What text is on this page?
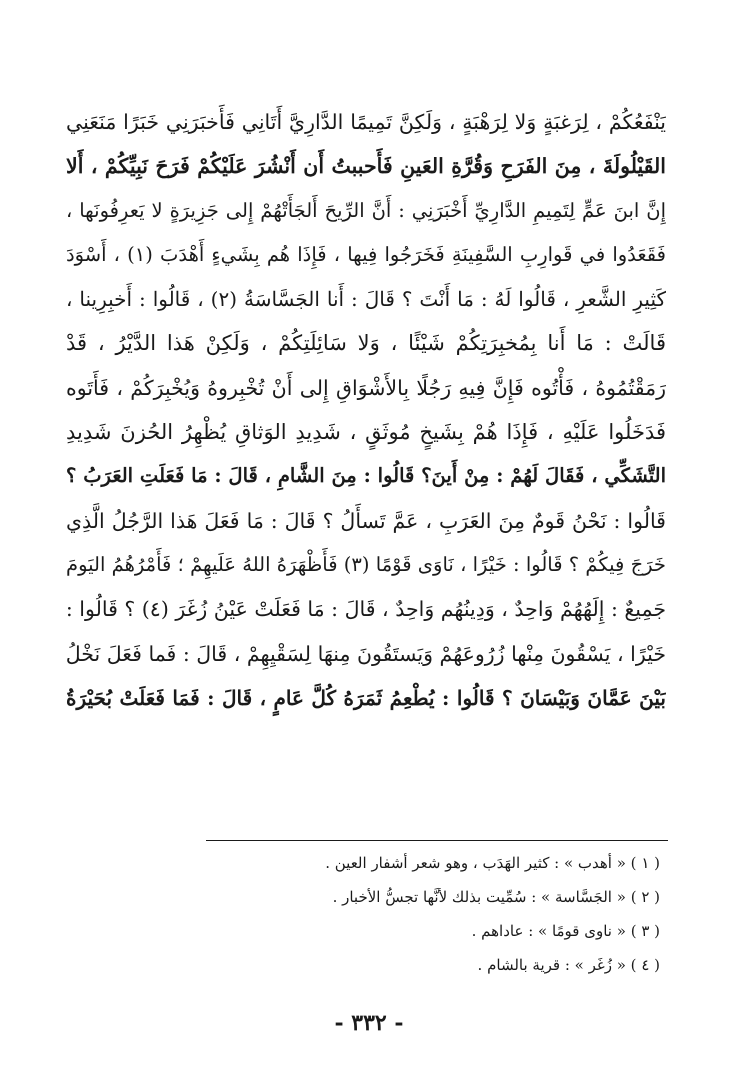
يَنْفَعُكُمْ ، لِرَغبَةٍ وَلا لِرَهْبَةٍ ، وَلَكِنَّ تَمِيمًا الدَّارِيَّ أَتَانِي فَأَخبَرَنِي خَبَرًا مَنَعَنِي
القَيْلُولَةَ ، مِنَ الفَرَحِ وَقُرَّةِ العَينِ فَأَحببتُ أَن أَنْشُرَ عَلَيْكُمْ فَرَحَ نَبِيِّكُمْ ، أَلا
إِنَّ ابنَ عَمٍّ لِتَمِيمِ الدَّارِيِّ أَخْبَرَنِي : أَنَّ الرِّيحَ أَلجَأَتْهُمْ إِلى جَزِيرَةٍ لا يَعرِفُونَها ،
فَقَعَدُوا في قَوارِبِ السَّفِينَةِ فَخَرَجُوا فِيها ، فَإِذَا هُم بِشَيءٍ أَهْدَبَ (١) ، أَسْوَدَ
كَثِيرِ الشَّعرِ ، قَالُوا لَهُ : مَا أَنْتَ ؟ قَالَ : أَنا الجَسَّاسَةُ (٢) ، قَالُوا : أَخبِرِينا ،
قَالَتْ : مَا أَنا بِمُخبِرَتِكُمْ شَيْئًا ، وَلا سَائِلَتِكُمْ ، وَلَكِنْ هَذا الدَّيْرُ ، قَدْ
رَمَقْتُمُوهُ ، فَأْتُوه فَإِنَّ فِيهِ رَجُلًا بِالأَشْوَاقِ إِلى أَنْ تُخْبِروهُ وَيُخْبِرَكُمْ ، فَأَتَوه
فَدَخَلُوا عَلَيْهِ ، فَإِذَا هُمْ بِشَيخٍ مُوثَقٍ ، شَدِيدِ الوَثاقِ يُظْهِرُ الحُزنَ شَدِيدِ
التَّشَكِّي ، فَقَالَ لَهُمْ : مِنْ أَينَ؟ قَالُوا : مِنَ الشَّامِ ، قَالَ : مَا فَعَلَتِ العَرَبُ ؟
قَالُوا : نَحْنُ قَومٌ مِنَ العَرَبِ ، عَمَّ تَسأَلُ ؟ قَالَ : مَا فَعَلَ هَذا الرَّجُلُ الَّذِي
خَرَجَ فِيكُمْ ؟ قَالُوا : خَيْرًا ، نَاوَى قَوْمًا (٣) فَأَظْهَرَهُ اللهُ عَلَيهِمْ ؛ فَأَمْرُهُمُ اليَومَ
جَمِيعٌ : إِلَهُهُمْ وَاحِدٌ ، وَدِينُهُم وَاحِدٌ ، قَالَ : مَا فَعَلَتْ عَيْنُ زُغَرَ (٤) ؟ قَالُوا :
خَيْرًا ، يَسْقُونَ مِنْها زُرُوعَهُمْ وَيَستَقُونَ مِنهَا لِسَقْيِهِمْ ، قَالَ : فَما فَعَلَ نَخْلُ
بَيْنَ عَمَّانَ وَبَيْسَانَ ؟ قَالُوا : يُطْعِمُ ثَمَرَهُ كُلَّ عَامٍ ، قَالَ : فَمَا فَعَلَتْ بُحَيْرَةُ
( ١ ) « أهدب » : كثير الهَدَب ، وهو شعر أشفار العين .
( ٢ ) « الجَسَّاسة » : سُمِّيت بذلك لأنَّها تجسُّ الأخبار .
( ٣ ) « ناوى قومًا » : عاداهم .
( ٤ ) « زُغَر » : قرية بالشام .
- ٣٣٢ -
